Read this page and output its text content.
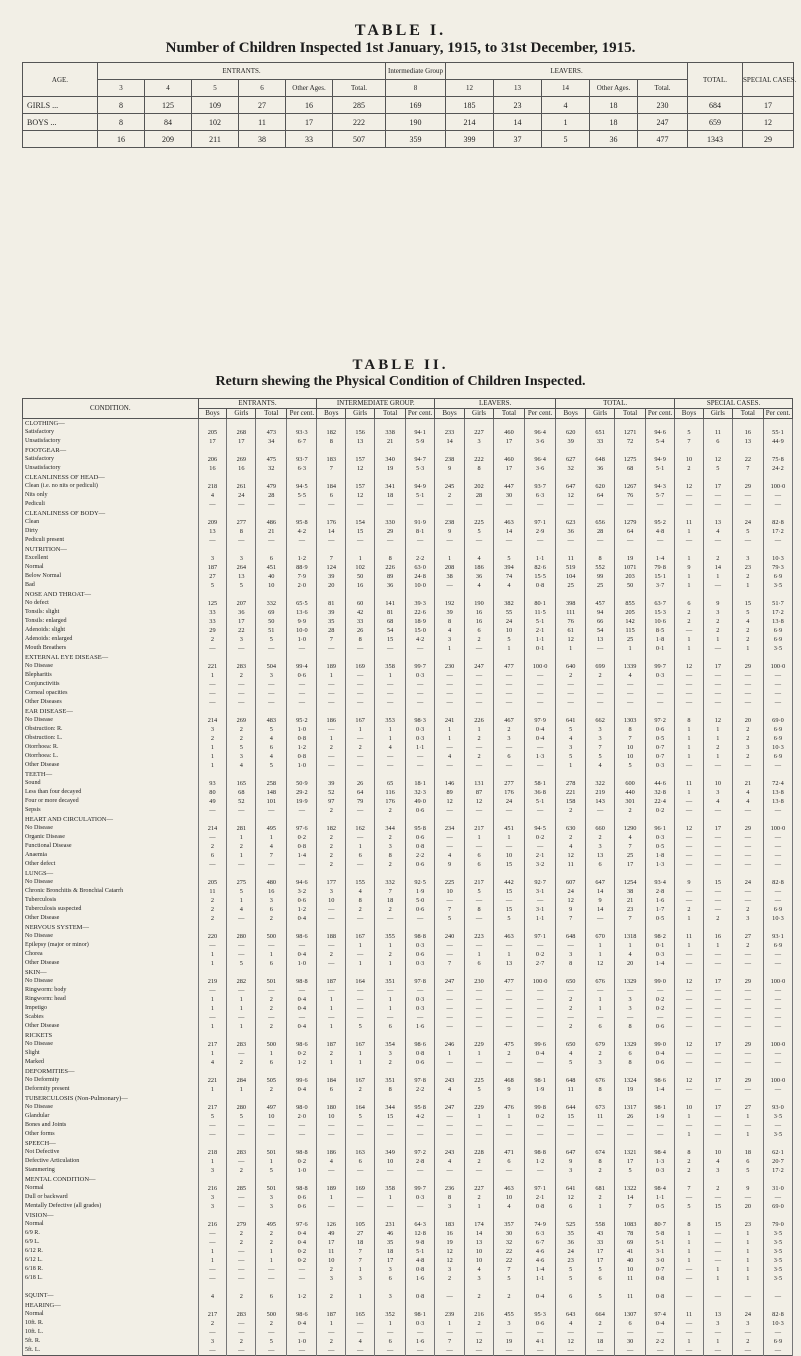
TABLE I.
Number of Children Inspected 1st January, 1915, to 31st December, 1915.
AGE.	ENTRANTS.						Intermediate Group	LEAVERS.					TOTAL.	SPECIAL CASES.
	3	4	5	6	Other Ages.	Total.	8	12	13	14	Other Ages.	Total.		
GIRLS ...	8	125	109	27	16	285	169	185	23	4	18	230	684	17
BOYS ...	8	84	102	11	17	222	190	214	14	1	18	247	659	12
	16	209	211	38	33	507	359	399	37	5	36	477	1343	29
TABLE II.
Return shewing the Physical Condition of Children Inspected.
CONDITION.	ENTRANTS.				INTERMEDIATE GROUP.				LEAVERS.				TOTAL.				SPECIAL CASES.			
	Boys	Girls	Total	Per cent.	Boys	Girls	Total	Per cent.	Boys	Girls	Total	Per cent.	Boys	Girls	Total	Per cent.	Boys	Girls	Total	Per cent.
CLOTHING—																				
Satisfactory	205	268	473	93·3	182	156	338	94·1	233	227	460	96·4	620	651	1271	94·6	5	11	16	55·1
Unsatisfactory	17	17	34	6·7	8	13	21	5·9	14	3	17	3·6	39	33	72	5·4	7	6	13	44·9
FOOTGEAR—																				
Satisfactory	206	269	475	93·7	183	157	340	94·7	238	222	460	96·4	627	648	1275	94·9	10	12	22	75·8
Unsatisfactory	16	16	32	6·3	7	12	19	5·3	9	8	17	3·6	32	36	68	5·1	2	5	7	24·2
CLEANLINESS OF HEAD—																				
Clean (i.e. no nits or pediculi)	218	261	479	94·5	184	157	341	94·9	245	202	447	93·7	647	620	1267	94·3	12	17	29	100·0
Nits only	4	24	28	5·5	6	12	18	5·1	2	28	30	6·3	12	64	76	5·7	—	—	—	—
Pediculi	—	—	—	—	—	—	—	—	—	—	—	—	—	—	—	—	—	—	—	—
CLEANLINESS OF BODY—																				
Clean	209	277	486	95·8	176	154	330	91·9	238	225	463	97·1	623	656	1279	95·2	11	13	24	82·8
Dirty	13	8	21	4·2	14	15	29	8·1	9	5	14	2·9	36	28	64	4·8	1	4	5	17·2
Pediculi present	—	—	—	—	—	—	—	—	—	—	—	—	—	—	—	—	—	—	—	—
NUTRITION—																				
Excellent	3	3	6	1·2	7	1	8	2·2	1	4	5	1·1	11	8	19	1·4	1	2	3	10·3
Normal	187	264	451	88·9	124	102	226	63·0	208	186	394	82·6	519	552	1071	79·8	9	14	23	79·3
Below Normal	27	13	40	7·9	39	50	89	24·8	38	36	74	15·5	104	99	203	15·1	1	1	2	6·9
Bad	5	5	10	2·0	20	16	36	10·0	—	4	4	0·8	25	25	50	3·7	1	—	1	3·5
NOSE AND THROAT—																				
No defect	125	207	332	65·5	81	60	141	39·3	192	190	382	80·1	398	457	855	63·7	6	9	15	51·7
Tonsils: slight	33	36	69	13·6	39	42	81	22·6	39	16	55	11·5	111	94	205	15·3	2	3	5	17·2
Tonsils: enlarged	33	17	50	9·9	35	33	68	18·9	8	16	24	5·1	76	66	142	10·6	2	2	4	13·8
Adenoids: slight	29	22	51	10·0	28	26	54	15·0	4	6	10	2·1	61	54	115	8·5	—	2	2	6·9
Adenoids: enlarged	2	3	5	1·0	7	8	15	4·2	3	2	5	1·1	12	13	25	1·8	1	1	2	6·9
Mouth Breathers	—	—	—	—	—	—	—	—	1	—	1	0·1	1	—	1	0·1	1	—	1	3·5
EXTERNAL EYE DISEASE—																				
No Disease	221	283	504	99·4	189	169	358	99·7	230	247	477	100·0	640	699	1339	99·7	12	17	29	100·0
Blepharitis	1	2	3	0·6	1	—	1	0·3	—	—	—	—	2	2	4	0·3	—	—	—	—
Conjunctivitis	—	—	—	—	—	—	—	—	—	—	—	—	—	—	—	—	—	—	—	—
Corneal opacities	—	—	—	—	—	—	—	—	—	—	—	—	—	—	—	—	—	—	—	—
Other Diseases	—	—	—	—	—	—	—	—	—	—	—	—	—	—	—	—	—	—	—	—
EAR DISEASE—																				
No Disease	214	269	483	95·2	186	167	353	98·3	241	226	467	97·9	641	662	1303	97·2	8	12	20	69·0
Obstruction: R.	3	2	5	1·0	—	1	1	0·3	1	1	2	0·4	5	3	8	0·6	1	1	2	6·9
Obstruction: L.	2	2	4	0·8	1	—	1	0·3	1	2	3	0·4	4	3	7	0·5	1	1	2	6·9
Otorrhoea: R.	1	5	6	1·2	2	2	4	1·1	—	—	—	—	3	7	10	0·7	1	2	3	10·3
Otorrhoea: L.	1	3	4	0·8	—	—	—	—	4	2	6	1·3	5	5	10	0·7	1	1	2	6·9
Other Disease	1	4	5	1·0	—	—	—	—	—	—	—	—	1	4	5	0·3	—	—	—	—
TEETH—																				
Sound	93	165	258	50·9	39	26	65	18·1	146	131	277	58·1	278	322	600	44·6	11	10	21	72·4
Less than four decayed	80	68	148	29·2	52	64	116	32·3	89	87	176	36·8	221	219	440	32·8	1	3	4	13·8
Four or more decayed	49	52	101	19·9	97	79	176	49·0	12	12	24	5·1	158	143	301	22·4	—	4	4	13·8
Sepsis	—	—	—	—	2	—	2	0·6	—	—	—	—	2	—	2	0·2	—	—	—	—
HEART AND CIRCULATION—																				
No Disease	214	281	495	97·6	182	162	344	95·8	234	217	451	94·5	630	660	1290	96·1	12	17	29	100·0
Organic Disease	—	1	1	0·2	2	—	2	0·6	—	1	1	0·2	2	2	4	0·3	—	—	—	—
Functional Disease	2	2	4	0·8	2	1	3	0·8	—	—	—	—	4	3	7	0·5	—	—	—	—
Anaemia	6	1	7	1·4	2	6	8	2·2	4	6	10	2·1	12	13	25	1·8	—	—	—	—
Other defect	—	—	—	—	2	—	2	0·6	9	6	15	3·2	11	6	17	1·3	—	—	—	—
LUNGS—																				
No Disease	205	275	480	94·6	177	155	332	92·5	225	217	442	92·7	607	647	1254	93·4	9	15	24	82·8
Chronic Bronchitis & Bronchial Catarrh	11	5	16	3·2	3	4	7	1·9	10	5	15	3·1	24	14	38	2·8	—	—	—	—
Tuberculosis	2	1	3	0·6	10	8	18	5·0	—	—	—	—	12	9	21	1·6	—	—	—	—
Tuberculosis suspected	2	4	6	1·2	—	2	2	0·6	7	8	15	3·1	9	14	23	1·7	2	—	2	6·9
Other Disease	2	—	2	0·4	—	—	—	—	5	—	5	1·1	7	—	7	0·5	1	2	3	10·3
NERVOUS SYSTEM—																				
No Disease	220	280	500	98·6	188	167	355	98·8	240	223	463	97·1	648	670	1318	98·2	11	16	27	93·1
Epilepsy (major or minor)	—	—	—	—	—	1	1	0·3	—	—	—	—	—	1	1	0·1	1	1	2	6·9
Chorea	1	—	1	0·4	2	—	2	0·6	—	1	1	0·2	3	1	4	0·3	—	—	—	—
Other Disease	1	5	6	1·0	—	1	1	0·3	7	6	13	2·7	8	12	20	1·4	—	—	—	—
SKIN—																				
No Disease	219	282	501	98·8	187	164	351	97·8	247	230	477	100·0	650	676	1329	99·0	12	17	29	100·0
Ringworm: body	—	—	—	—	—	—	—	—	—	—	—	—	—	—	—	—	—	—	—	—
Ringworm: head	1	1	2	0·4	1	—	1	0·3	—	—	—	—	2	1	3	0·2	—	—	—	—
Impetigo	1	1	2	0·4	1	—	1	0·3	—	—	—	—	2	1	3	0·2	—	—	—	—
Scabies	—	—	—	—	—	—	—	—	—	—	—	—	—	—	—	—	—	—	—	—
Other Disease	1	1	2	0·4	1	5	6	1·6	—	—	—	—	2	6	8	0·6	—	—	—	—
RICKETS																				
No Disease	217	283	500	98·6	187	167	354	98·6	246	229	475	99·6	650	679	1329	99·0	12	17	29	100·0
Slight	1	—	1	0·2	2	1	3	0·8	1	1	2	0·4	4	2	6	0·4	—	—	—	—
Marked	4	2	6	1·2	1	1	2	0·6	—	—	—	—	5	3	8	0·6	—	—	—	—
DEFORMITIES—																				
No Deformity	221	284	505	99·6	184	167	351	97·8	243	225	468	98·1	648	676	1324	98·6	12	17	29	100·0
Deformity present	1	1	2	0·4	6	2	8	2·2	4	5	9	1·9	11	8	19	1·4	—	—	—	—
TUBERCULOSIS (Non-Pulmonary)—																				
No Disease	217	280	497	98·0	180	164	344	95·8	247	229	476	99·8	644	673	1317	98·1	10	17	27	93·0
Glandular	5	5	10	2·0	10	5	15	4·2	—	1	1	0·2	15	11	26	1·9	1	—	1	3·5
Bones and Joints	—	—	—	—	—	—	—	—	—	—	—	—	—	—	—	—	—	—	—	—
Other forms	—	—	—	—	—	—	—	—	—	—	—	—	—	—	—	—	1	—	1	3·5
SPEECH—																				
Not Defective	218	283	501	98·8	186	163	349	97·2	243	228	471	98·8	647	674	1321	98·4	8	10	18	62·1
Defective Articulation	1	—	1	0·2	4	6	10	2·8	4	2	6	1·2	9	8	17	1·3	2	4	6	20·7
Stammering	3	2	5	1·0	—	—	—	—	—	—	—	—	3	2	5	0·3	2	3	5	17·2
MENTAL CONDITION—																				
Normal	216	285	501	98·8	189	169	358	99·7	236	227	463	97·1	641	681	1322	98·4	7	2	9	31·0
Dull or backward	3	—	3	0·6	1	—	1	0·3	8	2	10	2·1	12	2	14	1·1	—	—	—	—
Mentally Defective (all grades)	3	—	3	0·6	—	—	—	—	3	1	4	0·8	6	1	7	0·5	5	15	20	69·0
VISION—																				
Normal	216	279	495	97·6	126	105	231	64·3	183	174	357	74·9	525	558	1083	80·7	8	15	23	79·0
6/9 R.	—	2	2	0·4	49	27	46	12·8	16	14	30	6·3	35	43	78	5·8	1	—	1	3·5
6/9 L.	—	2	2	0·4	17	18	35	9·8	19	13	32	6·7	36	33	69	5·1	1	—	1	3·5
6/12 R.	1	—	1	0·2	11	7	18	5·1	12	10	22	4·6	24	17	41	3·1	1	—	1	3·5
6/12 L.	1	—	1	0·2	10	7	17	4·8	12	10	22	4·6	23	17	40	3·0	1	—	1	3·5
6/18 R.	—	—	—	—	2	1	3	0·8	3	4	7	1·4	5	5	10	0·7	—	1	1	3·5
6/18 L.	—	—	—	—	3	3	6	1·6	2	3	5	1·1	5	6	11	0·8	—	1	1	3·5

SQUINT—	4	2	6	1·2	2	1	3	0·8	—	2	2	0·4	6	5	11	0·8	—	—	—	—
HEARING—																				
Normal	217	283	500	98·6	187	165	352	98·1	239	216	455	95·3	643	664	1307	97·4	11	13	24	82·8
10ft. R.	2	—	2	0·4	1	—	1	0·3	1	2	3	0·6	4	2	6	0·4	—	3	3	10·3
10ft. L.	—	—	—	—	—	—	—	—	—	—	—	—	—	—	—	—	—	—	—	—
5ft. R.	3	2	5	1·0	2	4	6	1·6	7	12	19	4·1	12	18	30	2·2	1	1	2	6·9
5ft. L.	—	—	—	—	—	—	—	—	—	—	—	—	—	—	—	—	—	—	—	—
